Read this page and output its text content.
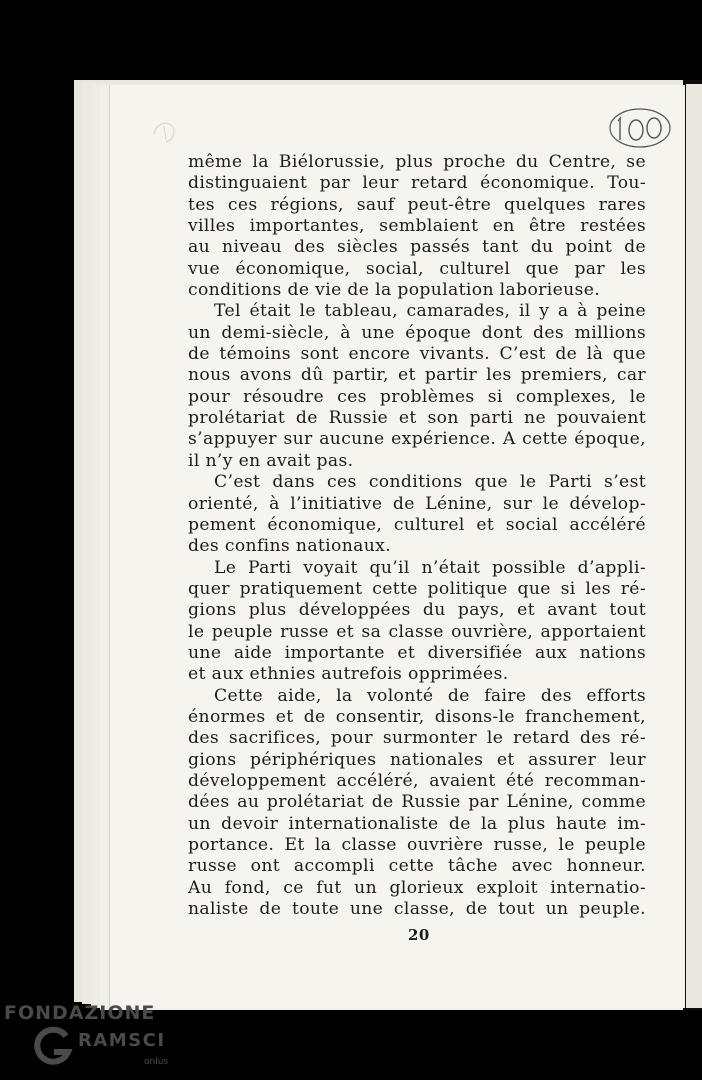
même la Biélorussie, plus proche du Centre, se
distinguaient par leur retard économique. Tou-
tes ces régions, sauf peut-être quelques rares
villes importantes, semblaient en être restées
au niveau des siècles passés tant du point de
vue économique, social, culturel que par les
conditions de vie de la population laborieuse.
Tel était le tableau, camarades, il y a à peine
un demi-siècle, à une époque dont des millions
de témoins sont encore vivants. C’est de là que
nous avons dû partir, et partir les premiers, car
pour résoudre ces problèmes si complexes, le
prolétariat de Russie et son parti ne pouvaient
s’appuyer sur aucune expérience. A cette époque,
il n’y en avait pas.
C’est dans ces conditions que le Parti s’est
orienté, à l’initiative de Lénine, sur le dévelop-
pement économique, culturel et social accéléré
des confins nationaux.
Le Parti voyait qu’il n’était possible d’appli-
quer pratiquement cette politique que si les ré-
gions plus développées du pays, et avant tout
le peuple russe et sa classe ouvrière, apportaient
une aide importante et diversifiée aux nations
et aux ethnies autrefois opprimées.
Cette aide, la volonté de faire des efforts
énormes et de consentir, disons-le franchement,
des sacrifices, pour surmonter le retard des ré-
gions périphériques nationales et assurer leur
développement accéléré, avaient été recomman-
dées au prolétariat de Russie par Lénine, comme
un devoir internationaliste de la plus haute im-
portance. Et la classe ouvrière russe, le peuple
russe ont accompli cette tâche avec honneur.
Au fond, ce fut un glorieux exploit internatio-
naliste de toute une classe, de tout un peuple.
20
FONDAZIONE
RAMSCI
onlus
